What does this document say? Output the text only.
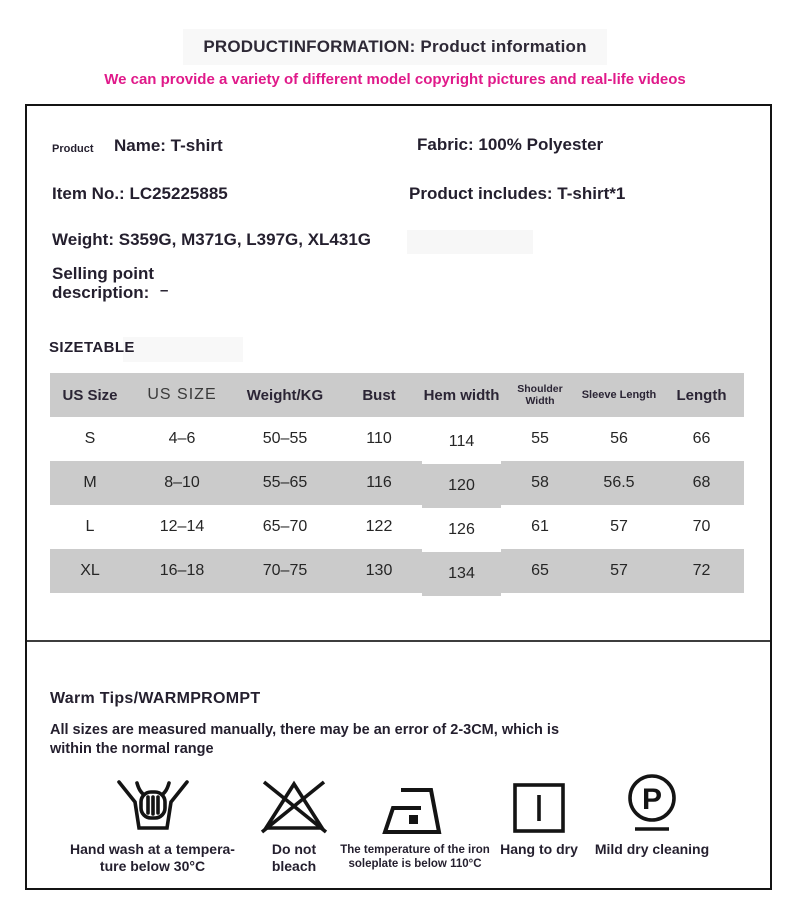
PRODUCTINFORMATION: Product information
We can provide a variety of different model copyright pictures and real-life videos
Product Name: T-shirt	Fabric: 100% Polyester
Item No.: LC25225885	Product includes: T-shirt*1
Weight: S359G, M371G, L397G, XL431G
Selling point description: –
SIZETABLE
US Size	US SIZE	Weight/KG	Bust	Hem width	Shoulder Width	Sleeve Length	Length
S	4–6	50–55	110	114	55	56	66
M	8–10	55–65	116	120	58	56.5	68
L	12–14	65–70	122	126	61	57	70
XL	16–18	70–75	130	134	65	57	72
Warm Tips/WARMPROMPT
All sizes are measured manually, there may be an error of 2-3CM, which is within the normal range
Hand wash at a tempera-
ture below 30°C
Do not
bleach
The temperature of the iron
soleplate is below 110°C
Hang to dry
P
Mild dry cleaning
